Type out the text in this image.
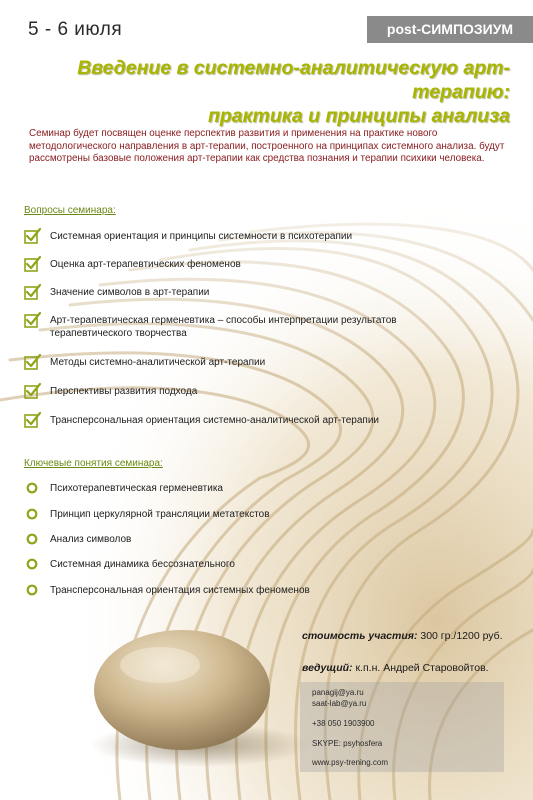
5 - 6 июля	post-СИМПОЗИУМ
Введение в системно-аналитическую арт-терапию:
практика и принципы анализа
Семинар будет посвящен оценке перспектив развития и применения на практике нового методологического направления в арт-терапии, построенного на принципах системного анализа. будут рассмотрены базовые положения арт-терапии как средства познания и терапии психики человека.
Вопросы семинара:
Системная ориентация и принципы системности в психотерапии
Оценка арт-терапевтических феноменов
Значение символов в арт-терапии
Арт-терапевтическая герменевтика – способы интерпретации результатов терапевтического творчества
Методы системно-аналитической арт-терапии
Перспективы развития подхода
Трансперсональная ориентация системно-аналитической арт-терапии
Ключевые понятия семинара:
Психотерапевтическая герменевтика
Принцип церкулярной трансляции метатекстов
Анализ символов
Системная динамика бессознательного
Трансперсональная ориентация системных феноменов
стоимость участия: 300 гр./1200 руб.
ведущий: к.п.н. Андрей Старовойтов.
panagij@ya.ru
saat-lab@ya.ru
+38 050 1903900
SKYPE: psyhosfera
www.psy-trening.com
